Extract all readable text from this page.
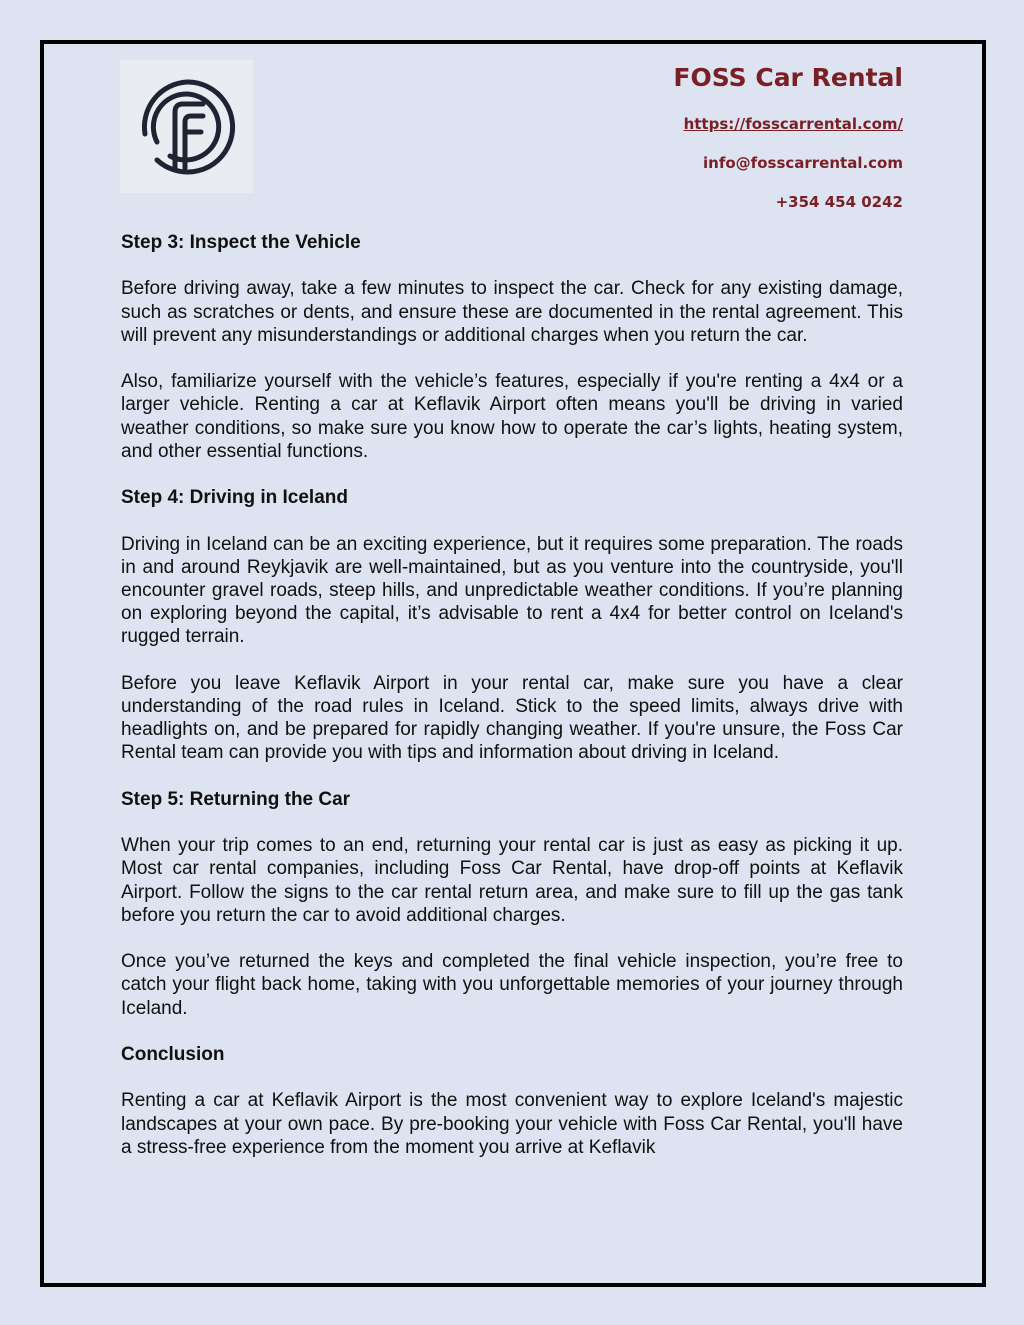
FOSS Car Rental
https://fosscarrental.com/
info@fosscarrental.com
+354 454 0242
Step 3: Inspect the Vehicle

Before driving away, take a few minutes to inspect the car. Check for any existing damage, such as scratches or dents, and ensure these are documented in the rental agreement. This will prevent any misunderstandings or additional charges when you return the car.

Also, familiarize yourself with the vehicle’s features, especially if you're renting a 4x4 or a larger vehicle. Renting a car at Keflavik Airport often means you'll be driving in varied weather conditions, so make sure you know how to operate the car’s lights, heating system, and other essential functions.

Step 4: Driving in Iceland

Driving in Iceland can be an exciting experience, but it requires some preparation. The roads in and around Reykjavik are well-maintained, but as you venture into the countryside, you'll encounter gravel roads, steep hills, and unpredictable weather conditions. If you’re planning on exploring beyond the capital, it’s advisable to rent a 4x4 for better control on Iceland's rugged terrain.

Before you leave Keflavik Airport in your rental car, make sure you have a clear understanding of the road rules in Iceland. Stick to the speed limits, always drive with headlights on, and be prepared for rapidly changing weather. If you're unsure, the Foss Car Rental team can provide you with tips and information about driving in Iceland.

Step 5: Returning the Car

When your trip comes to an end, returning your rental car is just as easy as picking it up. Most car rental companies, including Foss Car Rental, have drop-off points at Keflavik Airport. Follow the signs to the car rental return area, and make sure to fill up the gas tank before you return the car to avoid additional charges.

Once you’ve returned the keys and completed the final vehicle inspection, you’re free to catch your flight back home, taking with you unforgettable memories of your journey through Iceland.

Conclusion

Renting a car at Keflavik Airport is the most convenient way to explore Iceland's majestic landscapes at your own pace. By pre-booking your vehicle with Foss Car Rental, you'll have a stress-free experience from the moment you arrive at Keflavik
